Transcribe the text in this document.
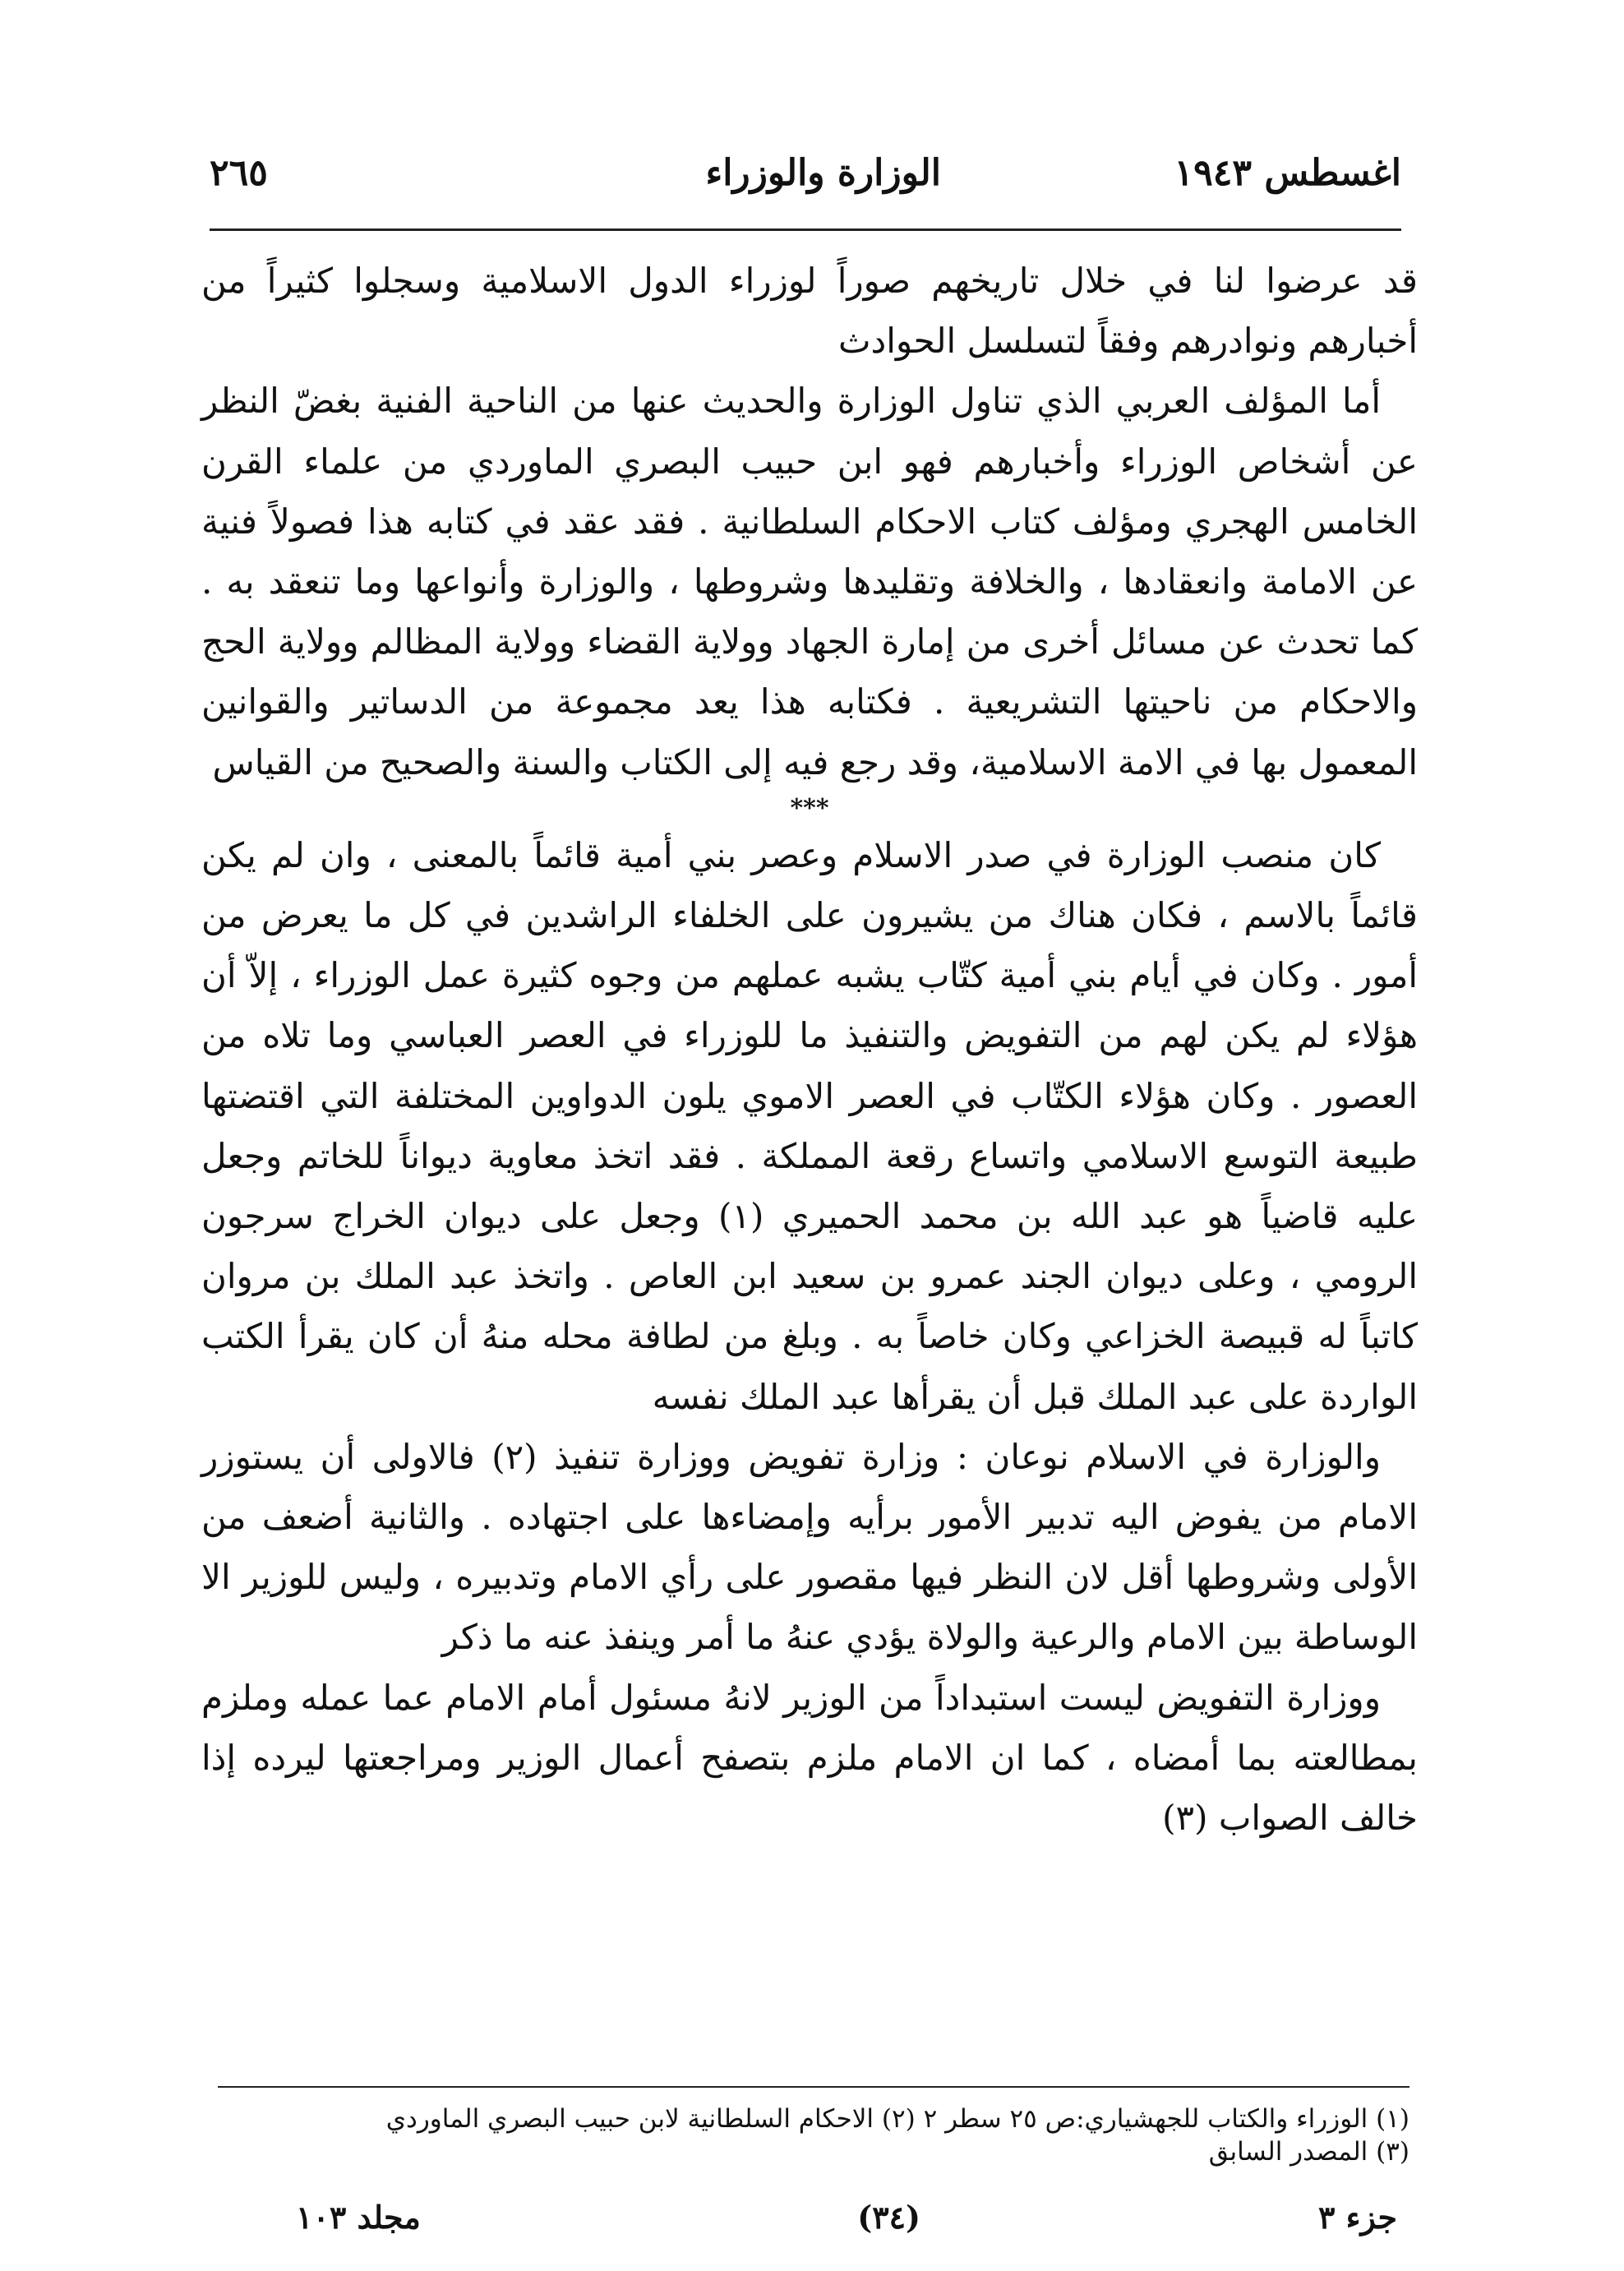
اغسطس ١٩٤٣
الوزارة والوزراء
٢٦٥

قد عرضوا لنا في خلال تاريخهم صوراً لوزراء الدول الاسلامية وسجلوا كثيراً من أخبارهم ونوادرهم وفقاً لتسلسل الحوادث

أما المؤلف العربي الذي تناول الوزارة والحديث عنها من الناحية الفنية بغضّ النظر عن أشخاص الوزراء وأخبارهم فهو ابن حبيب البصري الماوردي من علماء القرن الخامس الهجري ومؤلف كتاب الاحكام السلطانية . فقد عقد في كتابه هذا فصولاً فنية عن الامامة وانعقادها ، والخلافة وتقليدها وشروطها ، والوزارة وأنواعها وما تنعقد به . كما تحدث عن مسائل أخرى من إمارة الجهاد وولاية القضاء وولاية المظالم وولاية الحج والاحكام من ناحيتها التشريعية . فكتابه هذا يعد مجموعة من الدساتير والقوانين المعمول بها في الامة الاسلامية، وقد رجع فيه إلى الكتاب والسنة والصحيح من القياس

***

كان منصب الوزارة في صدر الاسلام وعصر بني أمية قائماً بالمعنى ، وان لم يكن قائماً بالاسم ، فكان هناك من يشيرون على الخلفاء الراشدين في كل ما يعرض من أمور . وكان في أيام بني أمية كتّاب يشبه عملهم من وجوه كثيرة عمل الوزراء ، إلاّ أن هؤلاء لم يكن لهم من التفويض والتنفيذ ما للوزراء في العصر العباسي وما تلاه من العصور . وكان هؤلاء الكتّاب في العصر الاموي يلون الدواوين المختلفة التي اقتضتها طبيعة التوسع الاسلامي واتساع رقعة المملكة . فقد اتخذ معاوية ديواناً للخاتم وجعل عليه قاضياً هو عبد الله بن محمد الحميري (١) وجعل على ديوان الخراج سرجون الرومي ، وعلى ديوان الجند عمرو بن سعيد ابن العاص . واتخذ عبد الملك بن مروان كاتباً له قبيصة الخزاعي وكان خاصاً به . وبلغ من لطافة محله منهُ أن كان يقرأ الكتب الواردة على عبد الملك قبل أن يقرأها عبد الملك نفسه

والوزارة في الاسلام نوعان : وزارة تفويض ووزارة تنفيذ (٢) فالاولى أن يستوزر الامام من يفوض اليه تدبير الأمور برأيه وإمضاءها على اجتهاده . والثانية أضعف من الأولى وشروطها أقل لان النظر فيها مقصور على رأي الامام وتدبيره ، وليس للوزير الا الوساطة بين الامام والرعية والولاة يؤدي عنهُ ما أمر وينفذ عنه ما ذكر

ووزارة التفويض ليست استبداداً من الوزير لانهُ مسئول أمام الامام عما عمله وملزم بمطالعته بما أمضاه ، كما ان الامام ملزم بتصفح أعمال الوزير ومراجعتها ليرده إذا خالف الصواب (٣)

(١) الوزراء والكتاب للجهشياري:ص ٢٥ سطر ٢ (٢) الاحكام السلطانية لابن حبيب البصري الماوردي
(٣) المصدر السابق
جزء ٣
(٣٤)
مجلد ١٠٣
